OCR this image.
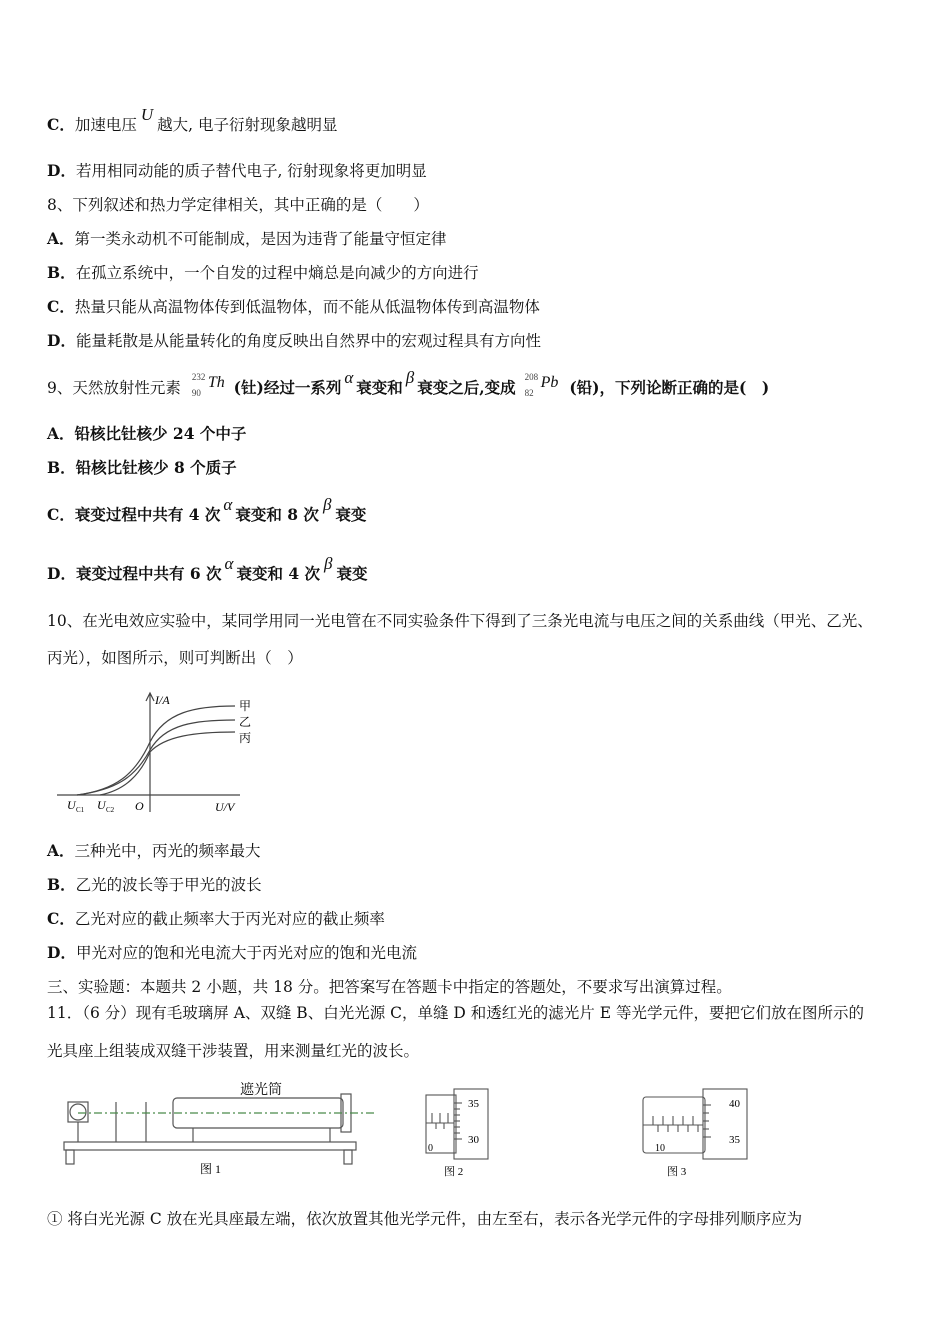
C．加速电压U越大, 电子衍射现象越明显
D．若用相同动能的质子替代电子, 衍射现象将更加明显
8、下列叙述和热力学定律相关，其中正确的是（　　）
A．第一类永动机不可能制成，是因为违背了能量守恒定律
B．在孤立系统中，一个自发的过程中熵总是向减少的方向进行
C．热量只能从高温物体传到低温物体，而不能从低温物体传到高温物体
D．能量耗散是从能量转化的角度反映出自然界中的宏观过程具有方向性
9、天然放射性元素
232
90
Th (钍)经过一系列α衰变和β衰变之后,变成
208
82
Pb (铅)，下列论断正确的是(　)
A．铅核比钍核少 24 个中子
B．铅核比钍核少 8 个质子
C．衰变过程中共有 4 次α衰变和 8 次β衰变
D．衰变过程中共有 6 次α衰变和 4 次β衰变
10、在光电效应实验中，某同学用同一光电管在不同实验条件下得到了三条光电流与电压之间的关系曲线（甲光、乙光、
丙光），如图所示，则可判断出（　）
I/A
U/V
O
U C1 U C2
甲
乙
丙
A．三种光中，丙光的频率最大
B．乙光的波长等于甲光的波长
C．乙光对应的截止频率大于丙光对应的截止频率
D．甲光对应的饱和光电流大于丙光对应的饱和光电流
三、实验题：本题共 2 小题，共 18 分。把答案写在答题卡中指定的答题处，不要求写出演算过程。
11．（6 分）现有毛玻璃屏 A、双缝 B、白光光源 C，单缝 D 和透红光的滤光片 E 等光学元件，要把它们放在图所示的
光具座上组装成双缝干涉装置，用来测量红光的波长。
遮光筒
图 1
35
30
0
图 2
40
35
10
图 3
① 将白光光源 C 放在光具座最左端，依次放置其他光学元件，由左至右，表示各光学元件的字母排列顺序应为
